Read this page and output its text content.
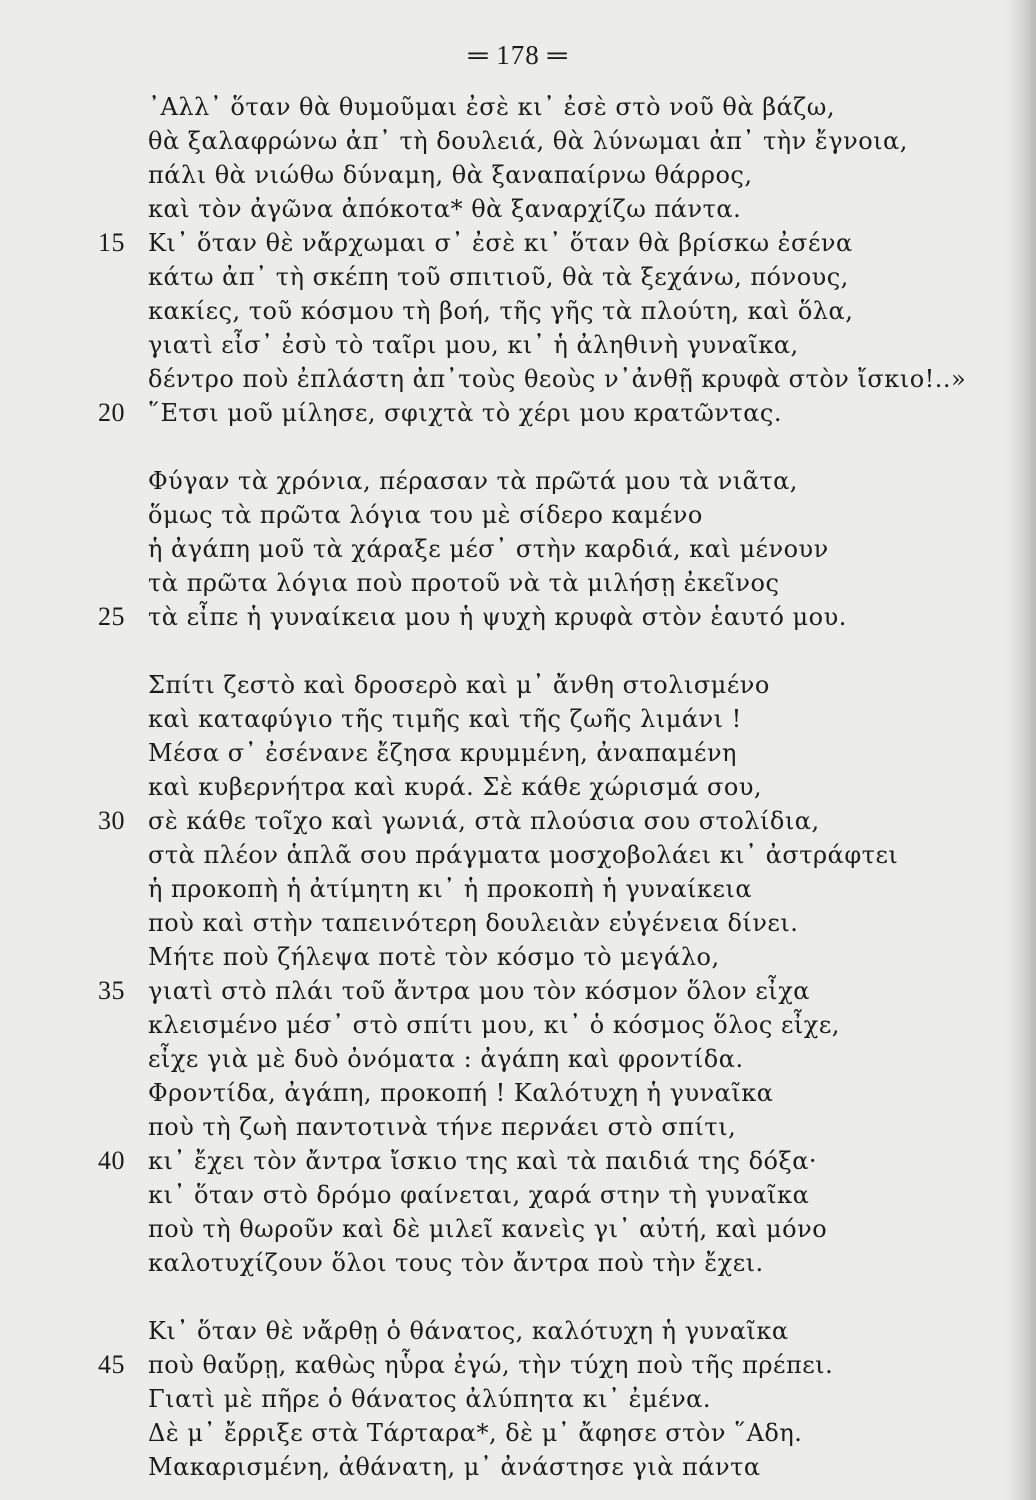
═ 178 ═
᾿Αλλ᾿ ὅταν θὰ θυμοῦμαι ἐσὲ κι᾿ ἐσὲ στὸ νοῦ θὰ βάζω,
θὰ ξαλαφρώνω ἀπ᾿ τὴ δουλειά, θὰ λύνωμαι ἀπ᾿ τὴν ἔγνοια,
πάλι θὰ νιώθω δύναμη, θὰ ξαναπαίρνω θάρρος,
καὶ τὸν ἀγῶνα ἀπόκοτα* θὰ ξαναρχίζω πάντα.
15 Κι᾿ ὅταν θὲ νἄρχωμαι σ᾿ ἐσὲ κι᾿ ὅταν θὰ βρίσκω ἐσένα
κάτω ἀπ᾿ τὴ σκέπη τοῦ σπιτιοῦ, θὰ τὰ ξεχάνω, πόνους,
κακίες, τοῦ κόσμου τὴ βοή, τῆς γῆς τὰ πλούτη, καὶ ὅλα,
γιατὶ εἶσ᾿ ἐσὺ τὸ ταῖρι μου, κι᾿ ἡ ἀληθινὴ γυναῖκα,
δέντρο ποὺ ἐπλάστη ἀπ᾿τοὺς θεοὺς ν᾿ἀνθῇ κρυφὰ στὸν ἴσκιο!..»
20 ῞Ετσι μοῦ μίλησε, σφιχτὰ τὸ χέρι μου κρατῶντας.
Φύγαν τὰ χρόνια, πέρασαν τὰ πρῶτά μου τὰ νιᾶτα,
ὅμως τὰ πρῶτα λόγια του μὲ σίδερο καμένο
ἡ ἀγάπη μοῦ τὰ χάραξε μέσ᾿ στὴν καρδιά, καὶ μένουν
τὰ πρῶτα λόγια ποὺ προτοῦ νὰ τὰ μιλήσῃ ἐκεῖνος
25 τὰ εἶπε ἡ γυναίκεια μου ἡ ψυχὴ κρυφὰ στὸν ἑαυτό μου.
Σπίτι ζεστὸ καὶ δροσερὸ καὶ μ᾿ ἄνθη στολισμένο
καὶ καταφύγιο τῆς τιμῆς καὶ τῆς ζωῆς λιμάνι !
Μέσα σ᾿ ἐσένανε ἔζησα κρυμμένη, ἀναπαμένη
καὶ κυβερνήτρα καὶ κυρά. Σὲ κάθε χώρισμά σου,
30 σὲ κάθε τοῖχο καὶ γωνιά, στὰ πλούσια σου στολίδια,
στὰ πλέον ἁπλᾶ σου πράγματα μοσχοβολάει κι᾿ ἀστράφτει
ἡ προκοπὴ ἡ ἀτίμητη κι᾿ ἡ προκοπὴ ἡ γυναίκεια
ποὺ καὶ στὴν ταπεινότερη δουλειὰν εὐγένεια δίνει.
Μήτε ποὺ ζήλεψα ποτὲ τὸν κόσμο τὸ μεγάλο,
35 γιατὶ στὸ πλάι τοῦ ἄντρα μου τὸν κόσμον ὅλον εἶχα
κλεισμένο μέσ᾿ στὸ σπίτι μου, κι᾿ ὁ κόσμος ὅλος εἶχε,
εἶχε γιὰ μὲ δυὸ ὀνόματα : ἀγάπη καὶ φροντίδα.
Φροντίδα, ἀγάπη, προκοπή ! Καλότυχη ἡ γυναῖκα
ποὺ τὴ ζωὴ παντοτινὰ τήνε περνάει στὸ σπίτι,
40 κι᾿ ἔχει τὸν ἄντρα ἴσκιο της καὶ τὰ παιδιά της δόξα·
κι᾿ ὅταν στὸ δρόμο φαίνεται, χαρά στην τὴ γυναῖκα
ποὺ τὴ θωροῦν καὶ δὲ μιλεῖ κανεὶς γι᾿ αὐτή, καὶ μόνο
καλοτυχίζουν ὅλοι τους τὸν ἄντρα ποὺ τὴν ἔχει.
Κι᾿ ὅταν θὲ νἄρθῃ ὁ θάνατος, καλότυχη ἡ γυναῖκα
45 ποὺ θαὔρῃ, καθὼς ηὗρα ἐγώ, τὴν τύχη ποὺ τῆς πρέπει.
Γιατὶ μὲ πῆρε ὁ θάνατος ἀλύπητα κι᾿ ἐμένα.
Δὲ μ᾿ ἔρριξε στὰ Τάρταρα*, δὲ μ᾿ ἄφησε στὸν ῞Αδη.
Μακαρισμένη, ἀθάνατη, μ᾿ ἀνάστησε γιὰ πάντα
